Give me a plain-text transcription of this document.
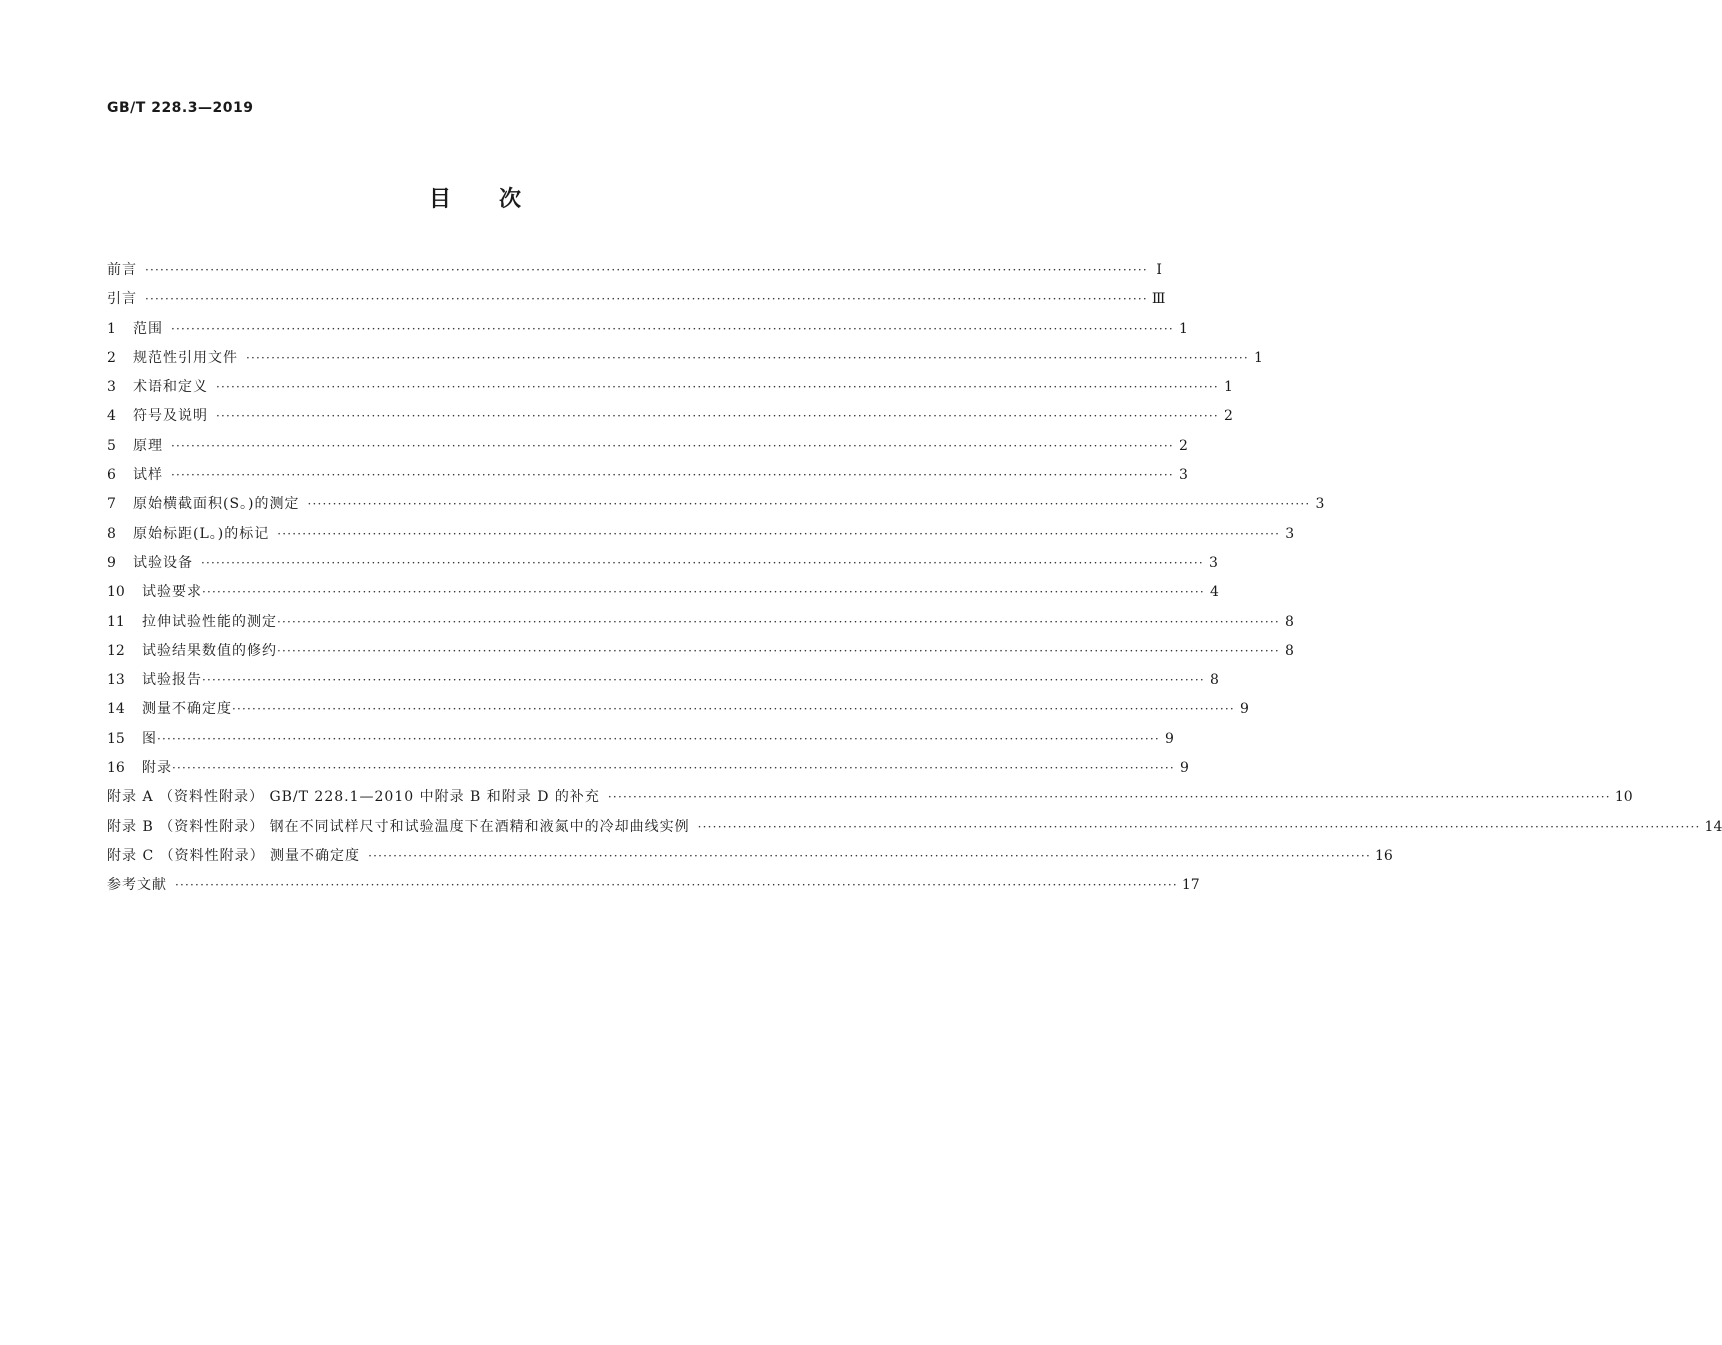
GB/T 228.3—2019
目次
前言 ········································································································································································································ Ⅰ
引言 ········································································································································································································ Ⅲ
1	范围 ········································································································································································································ 1
2	规范性引用文件 ········································································································································································································ 1
3	术语和定义 ········································································································································································································ 1
4	符号及说明 ········································································································································································································ 2
5	原理 ········································································································································································································ 2
6	试样 ········································································································································································································ 3
7	原始横截面积(S。)的测定 ········································································································································································································ 3
8	原始标距(L。)的标记 ········································································································································································································ 3
9	试验设备 ········································································································································································································ 3
10	试验要求 ········································································································································································································ 4
11	拉伸试验性能的测定 ········································································································································································································ 8
12	试验结果数值的修约 ········································································································································································································ 8
13	试验报告 ········································································································································································································ 8
14	测量不确定度 ········································································································································································································ 9
15	图 ········································································································································································································ 9
16	附录 ········································································································································································································ 9
附录 A （资料性附录） GB/T 228.1—2010 中附录 B 和附录 D 的补充 ········································································································································································································ 10
附录 B （资料性附录） 钢在不同试样尺寸和试验温度下在酒精和液氮中的冷却曲线实例 ········································································································································································································ 14
附录 C （资料性附录） 测量不确定度 ········································································································································································································ 16
参考文献 ········································································································································································································ 17
